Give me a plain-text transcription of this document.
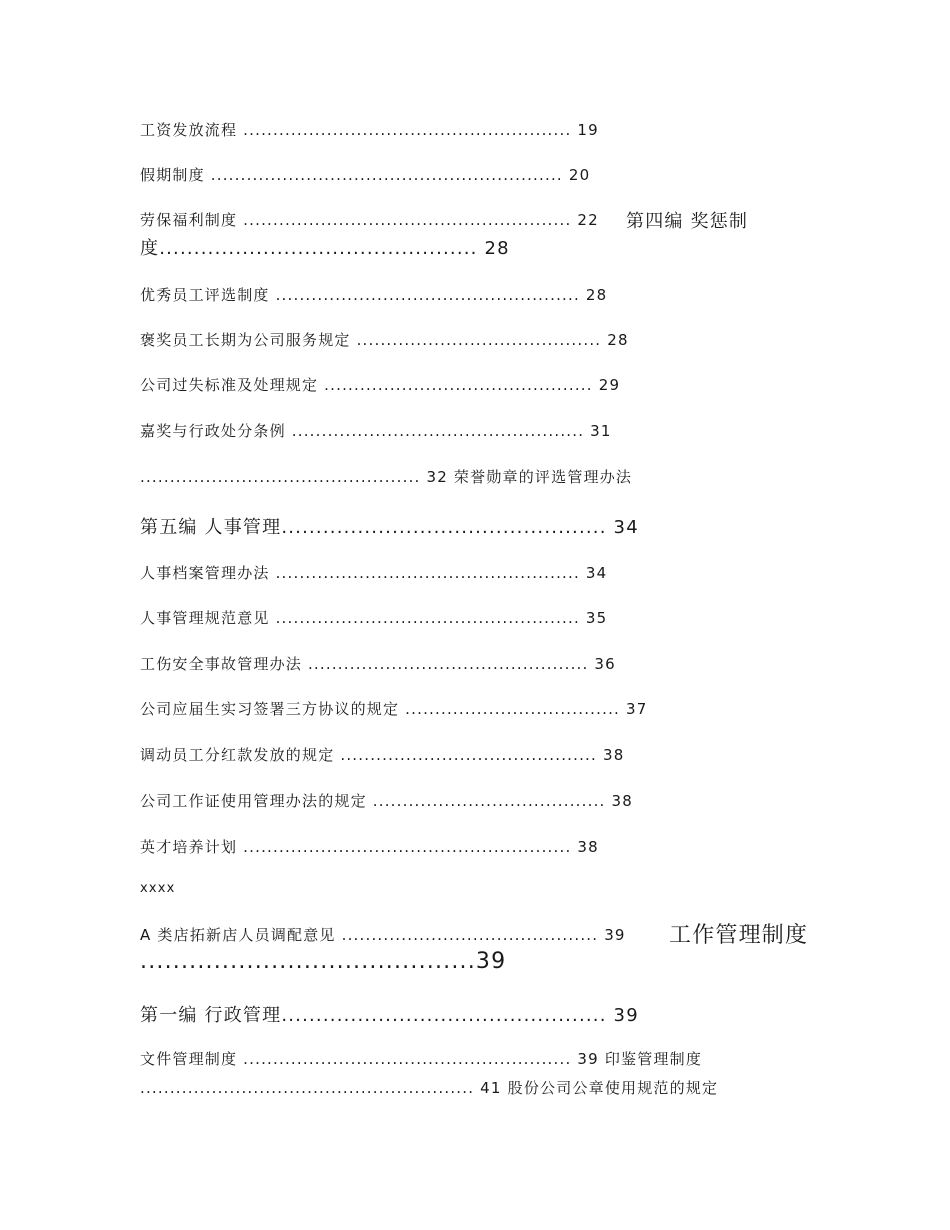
工资发放流程 ....................................................... 19
假期制度 ........................................................... 20
劳保福利制度 ....................................................... 22 第四编 奖惩制
度.............................................. 28
优秀员工评选制度 ................................................... 28
褒奖员工长期为公司服务规定 ......................................... 28
公司过失标准及处理规定 ............................................. 29
嘉奖与行政处分条例 ................................................. 31
............................................... 32 荣誉勋章的评选管理办法
第五编 人事管理............................................... 34
人事档案管理办法 ................................................... 34
人事管理规范意见 ................................................... 35
工伤安全事故管理办法 ............................................... 36
公司应届生实习签署三方协议的规定 .................................... 37
调动员工分红款发放的规定 ........................................... 38
公司工作证使用管理办法的规定 ....................................... 38
英才培养计划 ....................................................... 38
xxxx
A 类店拓新店人员调配意见 ........................................... 39 工作管理制度
.........................................39
第一编 行政管理............................................... 39
文件管理制度 ....................................................... 39 印鉴管理制度
........................................................ 41 股份公司公章使用规范的规定
